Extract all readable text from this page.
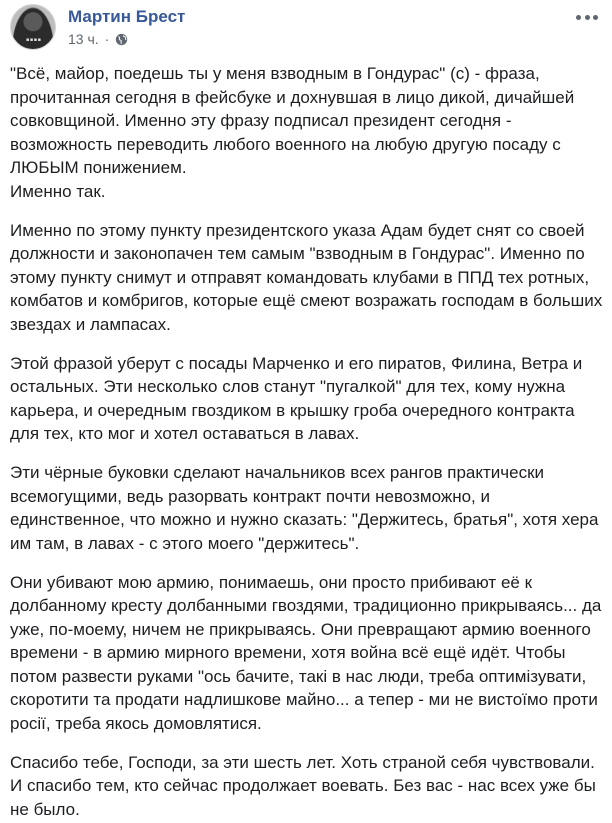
▪▪▪▪
Мартин Брест
13 ч. ·

"Всё, майор, поедешь ты у меня взводным в Гондурас" (с) - фраза, прочитанная сегодня в фейсбуке и дохнувшая в лицо дикой, дичайшей совковщиной. Именно эту фразу подписал президент сегодня - возможность переводить любого военного на любую другую посаду с ЛЮБЫМ понижением.
Именно так.

Именно по этому пункту президентского указа Адам будет снят со своей должности и законопачен тем самым "взводным в Гондурас". Именно по этому пункту снимут и отправят командовать клубами в ППД тех ротных, комбатов и комбригов, которые ещё смеют возражать господам в больших звездах и лампасах.

Этой фразой уберут с посады Марченко и его пиратов, Филина, Ветра и остальных. Эти несколько слов станут "пугалкой" для тех, кому нужна карьера, и очередным гвоздиком в крышку гроба очередного контракта для тех, кто мог и хотел оставаться в лавах.

Эти чёрные буковки сделают начальников всех рангов практически всемогущими, ведь разорвать контракт почти невозможно, и единственное, что можно и нужно сказать: "Держитесь, братья", хотя хера им там, в лавах - с этого моего "держитесь".

Они убивают мою армию, понимаешь, они просто прибивают её к долбанному кресту долбанными гвоздями, традиционно прикрываясь... да уже, по-моему, ничем не прикрываясь. Они превращают армию военного времени - в армию мирного времени, хотя война всё ещё идёт. Чтобы потом развести руками "ось бачите, такі в нас люди, треба оптимізувати, скоротити та продати надлишкове майно... а тепер - ми не вистоїмо проти росії, треба якось домовлятися.

Спасибо тебе, Господи, за эти шесть лет. Хоть страной себя чувствовали.
И спасибо тем, кто сейчас продолжает воевать. Без вас - нас всех уже бы не было.
